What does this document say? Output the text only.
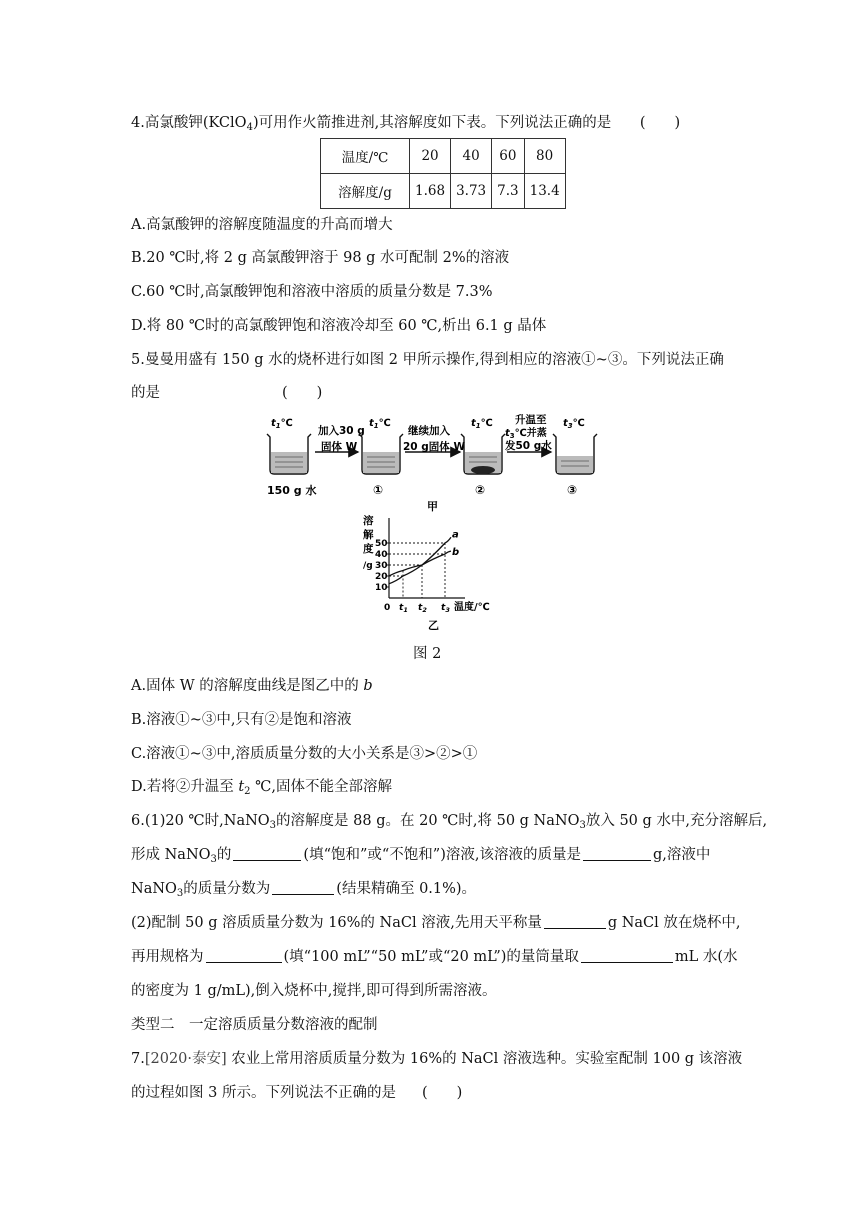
4.高氯酸钾(KClO$_4$)可用作火箭推进剂,其溶解度如下表。下列说法正确的是 (　　)
温度/℃	20	40	60	80
溶解度/g	1.68	3.73	7.3	13.4
A.高氯酸钾的溶解度随温度的升高而增大
B.20 ℃时,将 2 g 高氯酸钾溶于 98 g 水可配制 2%的溶液
C.60 ℃时,高氯酸钾饱和溶液中溶质的质量分数是 7.3%
D.将 80 ℃时的高氯酸钾饱和溶液冷却至 60 ℃,析出 6.1 g 晶体
5.曼曼用盛有 150 g 水的烧杯进行如图 2 甲所示操作,得到相应的溶液①~③。下列说法正确
的是	(　　)
$t_1℃$
150 g 水
加入30 g
固体 W
$t_1℃$
①
继续加入
20 g固体 W
$t_1℃$
②
升温至
$t_3℃$并蒸
发50 g水
$t_3℃$
③
甲
溶
解
度
/g
50
40
30
20
10
a
b
0 $t_1$ $t_2$ $t_3$ 温度/℃
乙
图 2
A.固体 W 的溶解度曲线是图乙中的 b
B.溶液①~③中,只有②是饱和溶液
C.溶液①~③中,溶质质量分数的大小关系是③>②>①
D.若将②升温至 $t_2$ ℃,固体不能全部溶解
6.(1)20 ℃时,NaNO$_3$的溶解度是 88 g。在 20 ℃时,将 50 g NaNO$_3$放入 50 g 水中,充分溶解后,
形成 NaNO$_3$的	(填“饱和”或“不饱和”)溶液,该溶液的质量是	g,溶液中
NaNO$_3$的质量分数为	(结果精确至 0.1%)。
(2)配制 50 g 溶质质量分数为 16%的 NaCl 溶液,先用天平称量	g NaCl 放在烧杯中,
再用规格为	(填“100 mL”“50 mL”或“20 mL”)的量筒量取	mL 水(水
的密度为 1 g/mL),倒入烧杯中,搅拌,即可得到所需溶液。
类型二　一定溶质质量分数溶液的配制
7.[2020·泰安] 农业上常用溶质质量分数为 16%的 NaCl 溶液选种。实验室配制 100 g 该溶液
的过程如图 3 所示。下列说法不正确的是 (　　)
